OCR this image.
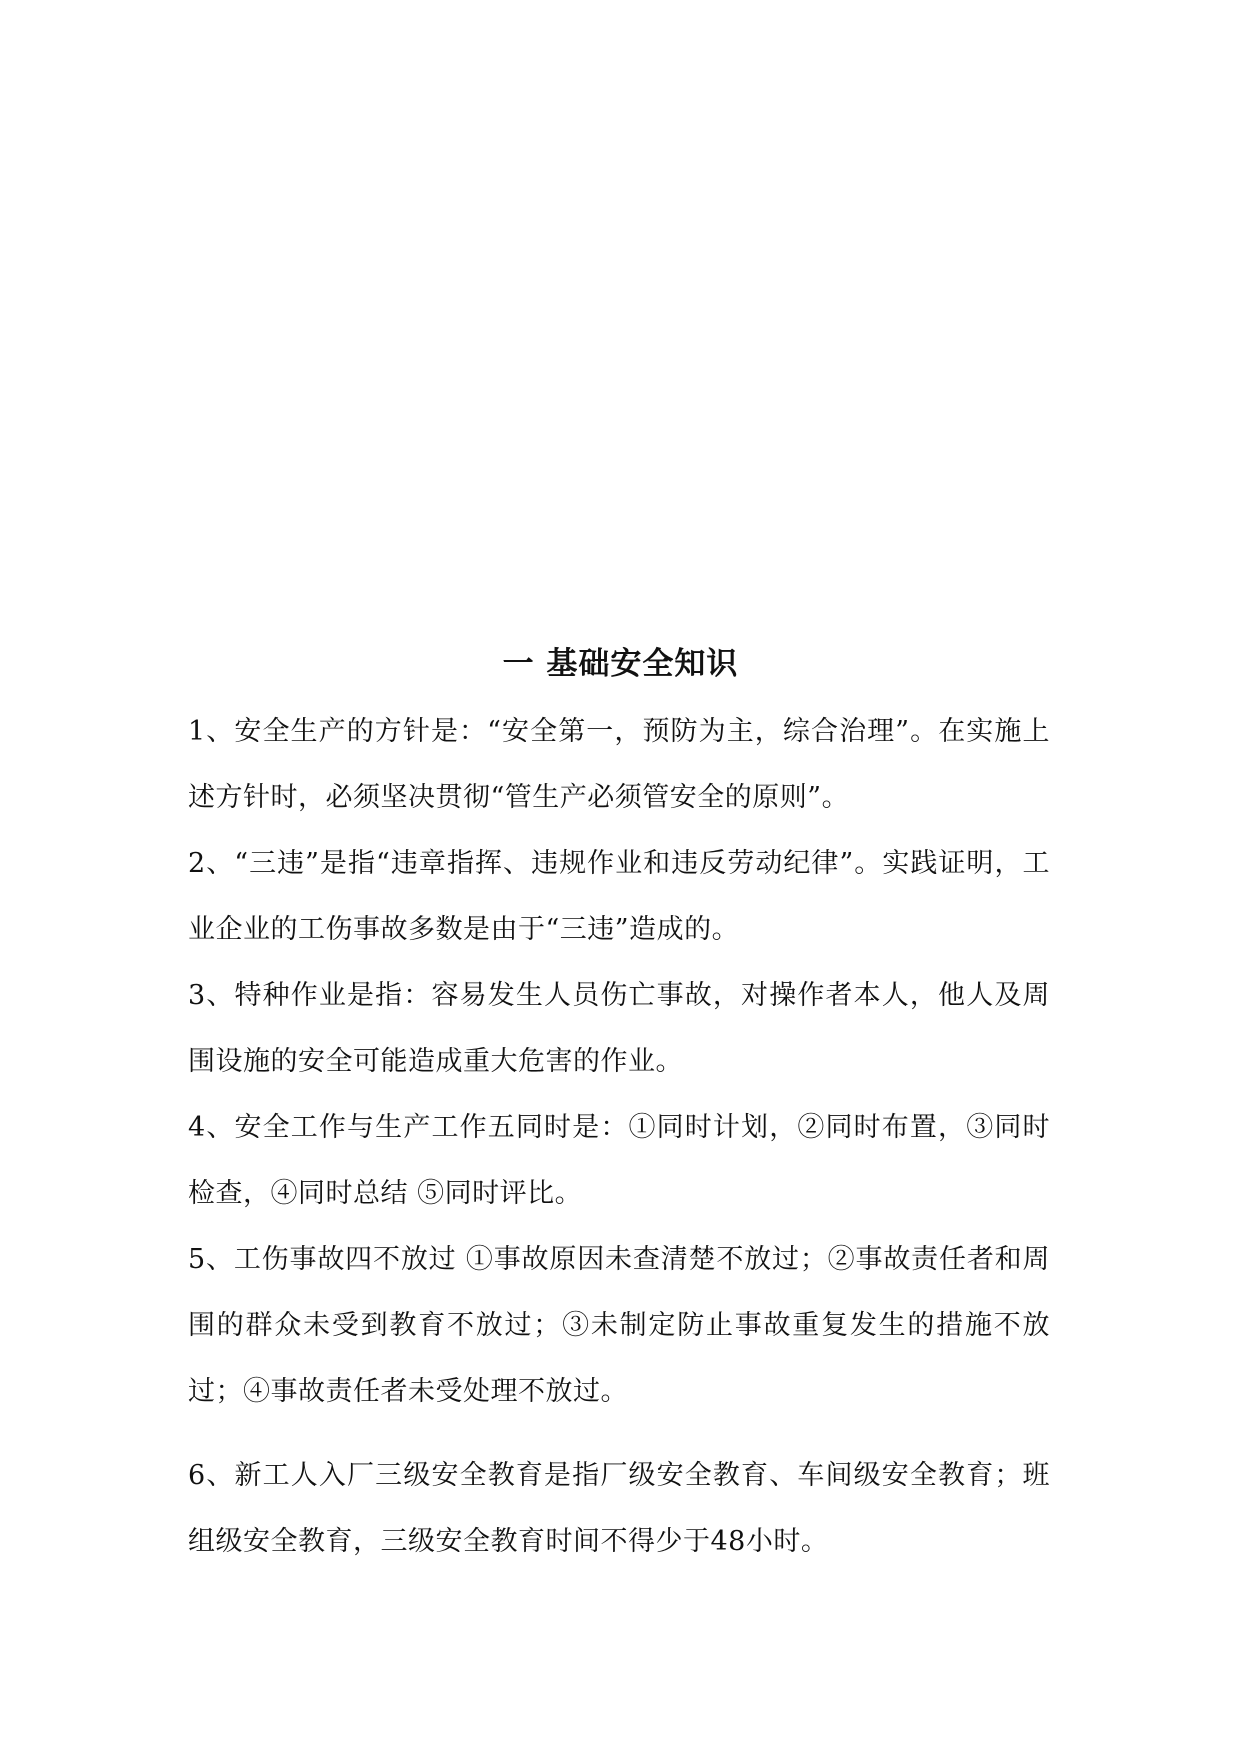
一 基础安全知识

1、安全生产的方针是：“安全第一，预防为主，综合治理”。在实施上述方针时，必须坚决贯彻“管生产必须管安全的原则”。

2、“三违”是指“违章指挥、违规作业和违反劳动纪律”。实践证明，工业企业的工伤事故多数是由于“三违”造成的。

3、特种作业是指：容易发生人员伤亡事故，对操作者本人，他人及周围设施的安全可能造成重大危害的作业。

4、安全工作与生产工作五同时是：①同时计划，②同时布置，③同时检查，④同时总结 ⑤同时评比。

5、工伤事故四不放过 ①事故原因未查清楚不放过；②事故责任者和周围的群众未受到教育不放过；③未制定防止事故重复发生的措施不放过；④事故责任者未受处理不放过。

6、新工人入厂三级安全教育是指厂级安全教育、车间级安全教育；班组级安全教育，三级安全教育时间不得少于48小时。
